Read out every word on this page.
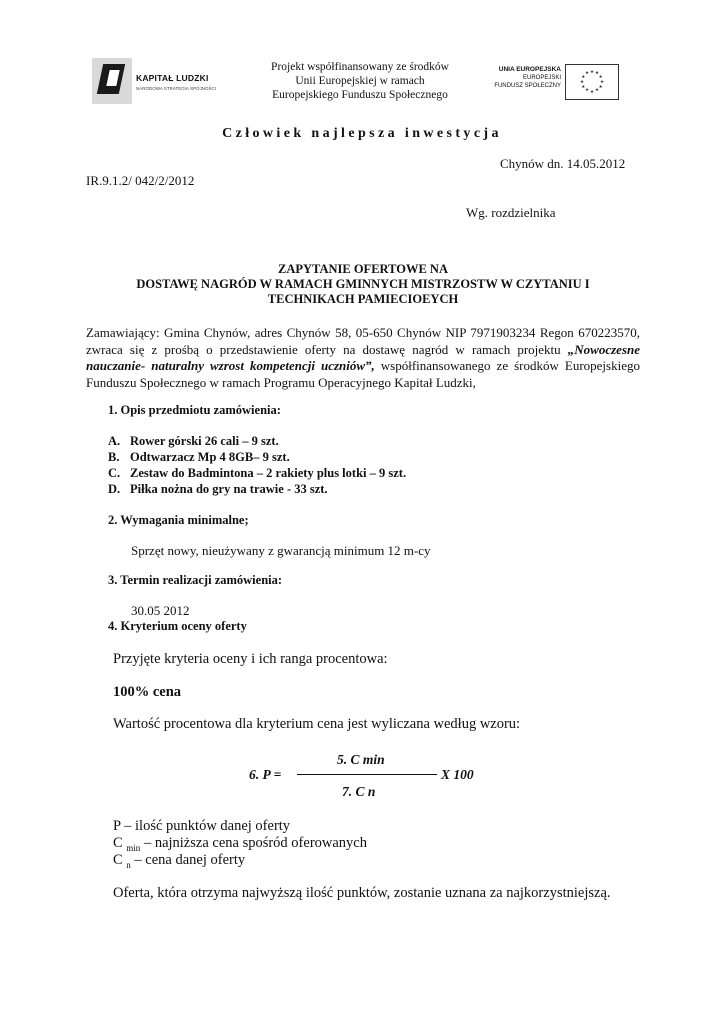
KAPITAŁ LUDZKI
NARODOWA STRATEGIA SPÓJNOŚCI
Projekt współfinansowany ze środków
Unii Europejskiej w ramach
Europejskiego Funduszu Społecznego
UNIA EUROPEJSKA
EUROPEJSKI
FUNDUSZ SPOŁECZNY
★ ★
★
★
★
★
★
★
★
★
★
★
Człowiek najlepsza inwestycja
Chynów dn. 14.05.2012
IR.9.1.2/ 042/2/2012
Wg. rozdzielnika
ZAPYTANIE OFERTOWE NA
DOSTAWĘ NAGRÓD W RAMACH GMINNYCH MISTRZOSTW W CZYTANIU I
TECHNIKACH PAMIECIOEYCH
Zamawiający: Gmina Chynów, adres Chynów 58, 05-650 Chynów NIP 7971903234 Regon 670223570, zwraca się z prośbą o przedstawienie oferty na dostawę nagród w ramach projektu „Nowoczesne nauczanie- naturalny wzrost kompetencji uczniów”, współfinansowanego ze środków Europejskiego Funduszu Społecznego w ramach Programu Operacyjnego Kapitał Ludzki,
1. Opis przedmiotu zamówienia:
A. Rower górski 26 cali – 9 szt.
B. Odtwarzacz Mp 4 8GB– 9 szt.
C. Zestaw do Badmintona – 2 rakiety plus lotki – 9 szt.
D. Piłka nożna do gry na trawie - 33 szt.
2. Wymagania minimalne;
Sprzęt nowy, nieużywany z gwarancją minimum 12 m-cy
3. Termin realizacji zamówienia:
30.05 2012
4. Kryterium oceny oferty
Przyjęte kryteria oceny i ich ranga procentowa:
100% cena
Wartość procentowa dla kryterium cena jest wyliczana według wzoru:
5. C min
6. P =	X 100
7. C n
P – ilość punktów danej oferty
C $_{min}$ – najniższa cena spośród oferowanych
C $_n$ – cena danej oferty
Oferta, która otrzyma najwyższą ilość punktów, zostanie uznana za najkorzystniejszą.
